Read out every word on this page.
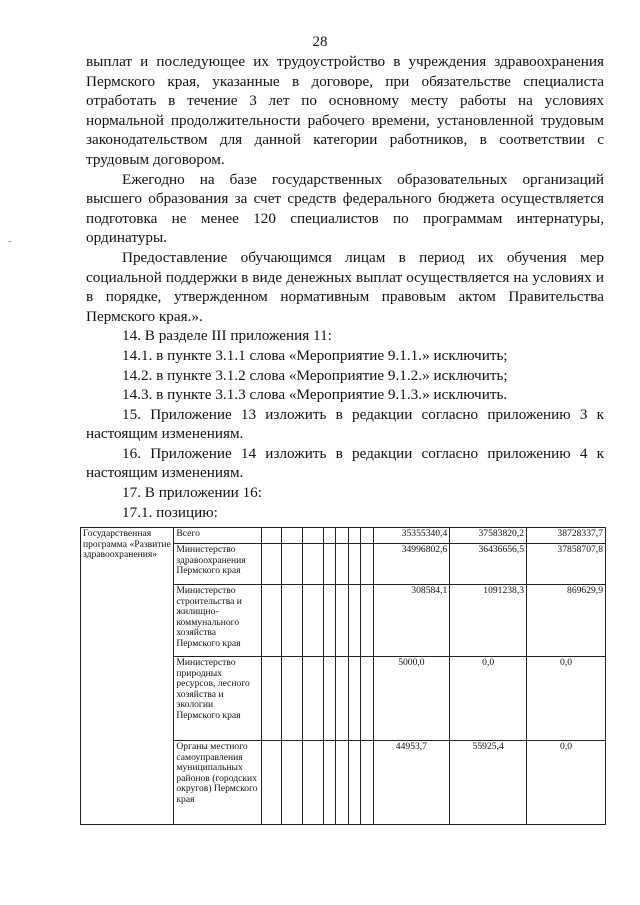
28
-

выплат и последующее их трудоустройство в учреждения здравоохранения Пермского края, указанные в договоре, при обязательстве специалиста отработать в течение 3 лет по основному месту работы на условиях нормальной продолжительности рабочего времени, установленной трудовым законодательством для данной категории работников, в соответствии с трудовым договором.

Ежегодно на базе государственных образовательных организаций высшего образования за счет средств федерального бюджета осуществляется подготовка не менее 120 специалистов по программам интернатуры, ординатуры.

Предоставление обучающимся лицам в период их обучения мер социальной поддержки в виде денежных выплат осуществляется на условиях и в порядке, утвержденном нормативным правовым актом Правительства Пермского края.».

14. В разделе III приложения 11:

14.1. в пункте 3.1.1 слова «Мероприятие 9.1.1.» исключить;

14.2. в пункте 3.1.2 слова «Мероприятие 9.1.2.» исключить;

14.3. в пункте 3.1.3 слова «Мероприятие 9.1.3.» исключить.

15. Приложение 13 изложить в редакции согласно приложению 3 к настоящим изменениям.

16. Приложение 14 изложить в редакции согласно приложению 4 к настоящим изменениям.

17. В приложении 16:

17.1. позицию:

Государственная программа «Развитие здравоохранения»	Всего								35355340,4	37583820,2	38728337,7
	Министерство здравоохранения Пермского края								34996802,6	36436656,5	37858707,8
	Министерство строительства и жилищно-коммунального хозяйства Пермского края								308584,1	1091238,3	869629,9
	Министерство природных ресурсов, лесного хозяйства и экологии Пермского края								5000,0	0,0	0,0
	Органы местного самоуправления муниципальных районов (городских округов) Пермского края								44953,7	55925,4	0,0
